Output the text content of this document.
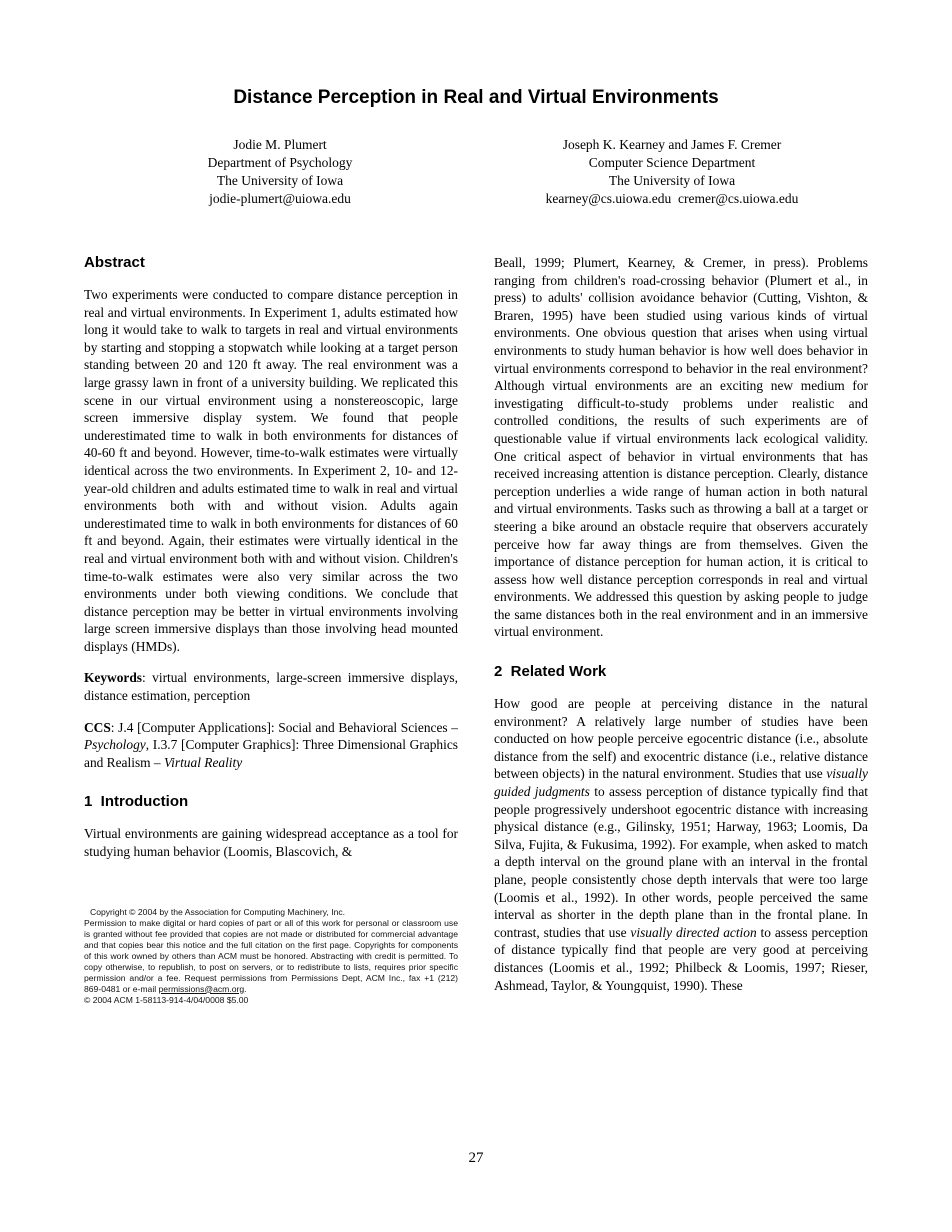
Distance Perception in Real and Virtual Environments
Jodie M. Plumert
Department of Psychology
The University of Iowa
jodie-plumert@uiowa.edu
Joseph K. Kearney and James F. Cremer
Computer Science Department
The University of Iowa
kearney@cs.uiowa.edu  cremer@cs.uiowa.edu
Abstract

Two experiments were conducted to compare distance perception in real and virtual environments. In Experiment 1, adults estimated how long it would take to walk to targets in real and virtual environments by starting and stopping a stopwatch while looking at a target person standing between 20 and 120 ft away. The real environment was a large grassy lawn in front of a university building. We replicated this scene in our virtual environment using a nonstereoscopic, large screen immersive display system. We found that people underestimated time to walk in both environments for distances of 40-60 ft and beyond. However, time-to-walk estimates were virtually identical across the two environments. In Experiment 2, 10- and 12-year-old children and adults estimated time to walk in real and virtual environments both with and without vision. Adults again underestimated time to walk in both environments for distances of 60 ft and beyond. Again, their estimates were virtually identical in the real and virtual environment both with and without vision. Children's time-to-walk estimates were also very similar across the two environments under both viewing conditions. We conclude that distance perception may be better in virtual environments involving large screen immersive displays than those involving head mounted displays (HMDs).

Keywords: virtual environments, large-screen immersive displays, distance estimation, perception

CCS: J.4 [Computer Applications]: Social and Behavioral Sciences – Psychology, I.3.7 [Computer Graphics]: Three Dimensional Graphics and Realism – Virtual Reality

1  Introduction

Virtual environments are gaining widespread acceptance as a tool for studying human behavior (Loomis, Blascovich, &

Copyright © 2004 by the Association for Computing Machinery, Inc.
Permission to make digital or hard copies of part or all of this work for personal or classroom use is granted without fee provided that copies are not made or distributed for commercial advantage and that copies bear this notice and the full citation on the first page. Copyrights for components of this work owned by others than ACM must be honored. Abstracting with credit is permitted. To copy otherwise, to republish, to post on servers, or to redistribute to lists, requires prior specific permission and/or a fee. Request permissions from Permissions Dept, ACM Inc., fax +1 (212) 869-0481 or e-mail permissions@acm.org.
© 2004 ACM 1-58113-914-4/04/0008 $5.00

Beall, 1999; Plumert, Kearney, & Cremer, in press). Problems ranging from children's road-crossing behavior (Plumert et al., in press) to adults' collision avoidance behavior (Cutting, Vishton, & Braren, 1995) have been studied using various kinds of virtual environments. One obvious question that arises when using virtual environments to study human behavior is how well does behavior in virtual environments correspond to behavior in the real environment? Although virtual environments are an exciting new medium for investigating difficult-to-study problems under realistic and controlled conditions, the results of such experiments are of questionable value if virtual environments lack ecological validity. One critical aspect of behavior in virtual environments that has received increasing attention is distance perception. Clearly, distance perception underlies a wide range of human action in both natural and virtual environments. Tasks such as throwing a ball at a target or steering a bike around an obstacle require that observers accurately perceive how far away things are from themselves. Given the importance of distance perception for human action, it is critical to assess how well distance perception corresponds in real and virtual environments. We addressed this question by asking people to judge the same distances both in the real environment and in an immersive virtual environment.

2  Related Work

How good are people at perceiving distance in the natural environment? A relatively large number of studies have been conducted on how people perceive egocentric distance (i.e., absolute distance from the self) and exocentric distance (i.e., relative distance between objects) in the natural environment. Studies that use visually guided judgments to assess perception of distance typically find that people progressively undershoot egocentric distance with increasing physical distance (e.g., Gilinsky, 1951; Harway, 1963; Loomis, Da Silva, Fujita, & Fukusima, 1992). For example, when asked to match a depth interval on the ground plane with an interval in the frontal plane, people consistently chose depth intervals that were too large (Loomis et al., 1992). In other words, people perceived the same interval as shorter in the depth plane than in the frontal plane. In contrast, studies that use visually directed action to assess perception of distance typically find that people are very good at perceiving distances (Loomis et al., 1992; Philbeck & Loomis, 1997; Rieser, Ashmead, Taylor, & Youngquist, 1990). These

27
